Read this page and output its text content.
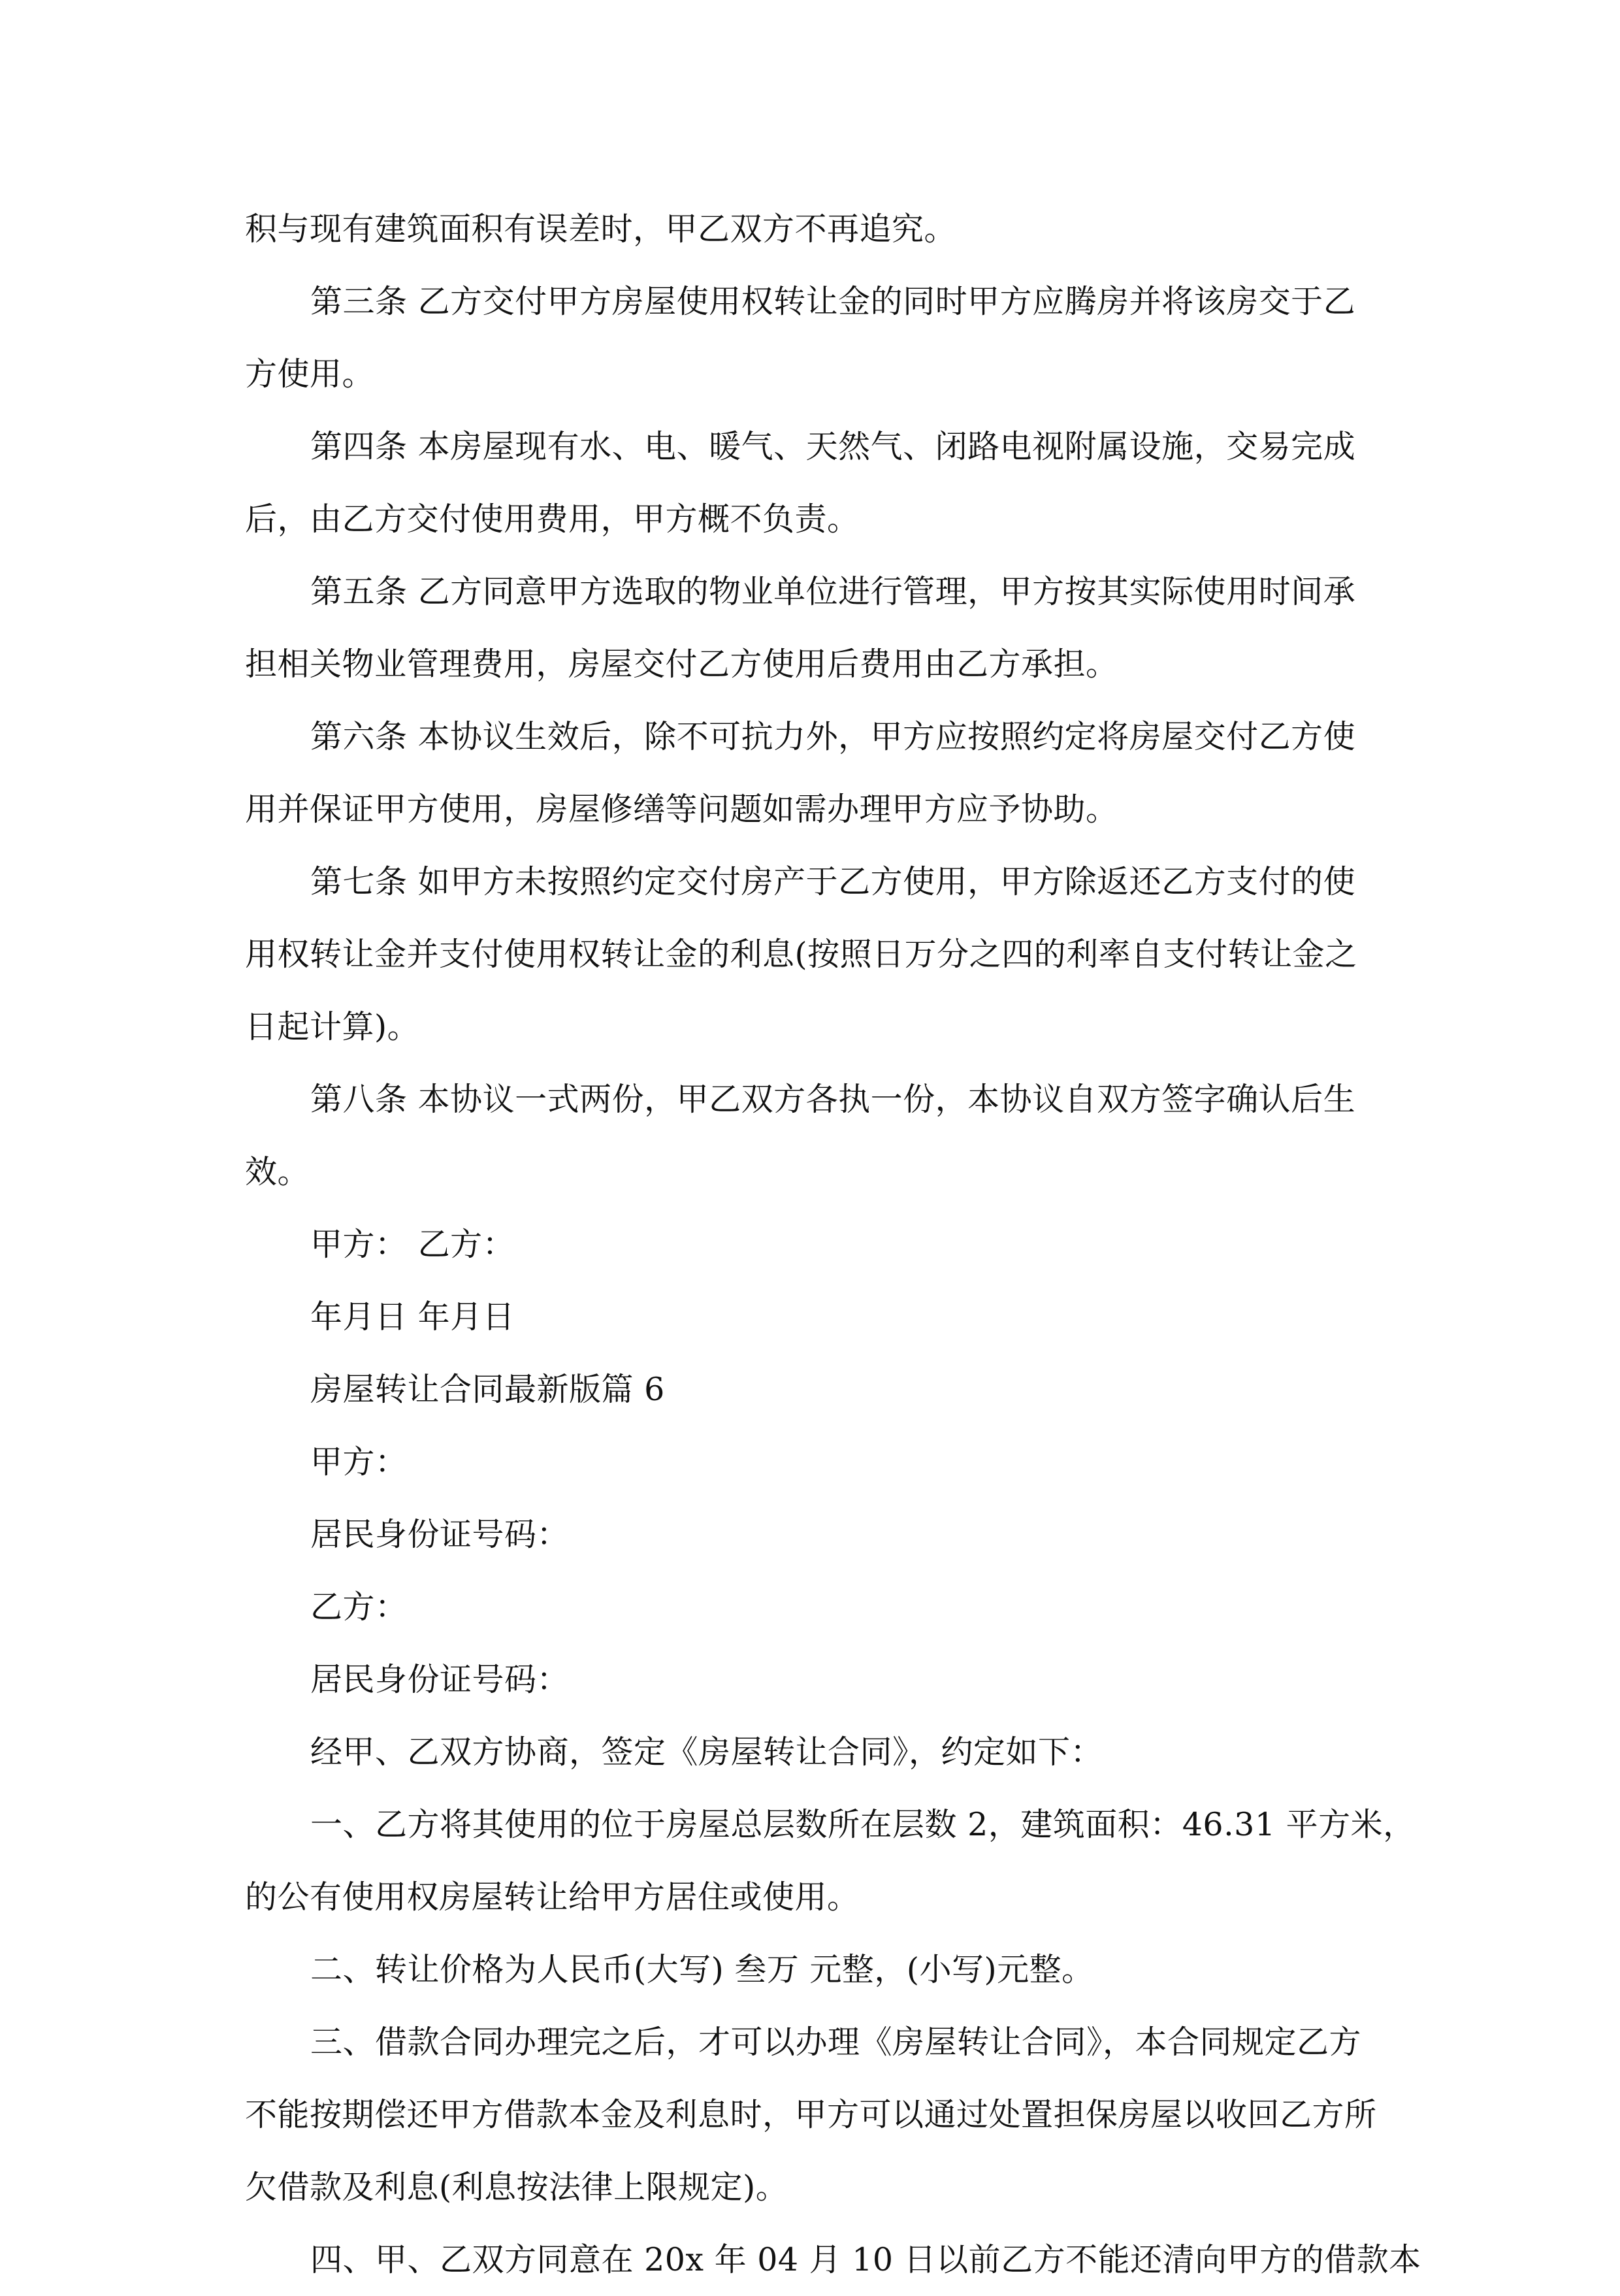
积与现有建筑面积有误差时，甲乙双方不再追究。
第三条 乙方交付甲方房屋使用权转让金的同时甲方应腾房并将该房交于乙
方使用。
第四条 本房屋现有水、电、暖气、天然气、闭路电视附属设施，交易完成
后，由乙方交付使用费用，甲方概不负责。
第五条 乙方同意甲方选取的物业单位进行管理，甲方按其实际使用时间承
担相关物业管理费用，房屋交付乙方使用后费用由乙方承担。
第六条 本协议生效后，除不可抗力外，甲方应按照约定将房屋交付乙方使
用并保证甲方使用，房屋修缮等问题如需办理甲方应予协助。
第七条 如甲方未按照约定交付房产于乙方使用，甲方除返还乙方支付的使
用权转让金并支付使用权转让金的利息(按照日万分之四的利率自支付转让金之
日起计算)。
第八条 本协议一式两份，甲乙双方各执一份，本协议自双方签字确认后生
效。
甲方： 乙方：
年月日 年月日
房屋转让合同最新版篇 6
甲方：
居民身份证号码：
乙方：
居民身份证号码：
经甲、乙双方协商，签定《房屋转让合同》，约定如下：
一、乙方将其使用的位于房屋总层数所在层数 2，建筑面积：46.31 平方米，
的公有使用权房屋转让给甲方居住或使用。
二、转让价格为人民币(大写) 叁万 元整，(小写)元整。
三、借款合同办理完之后，才可以办理《房屋转让合同》，本合同规定乙方
不能按期偿还甲方借款本金及利息时，甲方可以通过处置担保房屋以收回乙方所
欠借款及利息(利息按法律上限规定)。
四、甲、乙双方同意在 20x 年 04 月 10 日以前乙方不能还清向甲方的借款本
